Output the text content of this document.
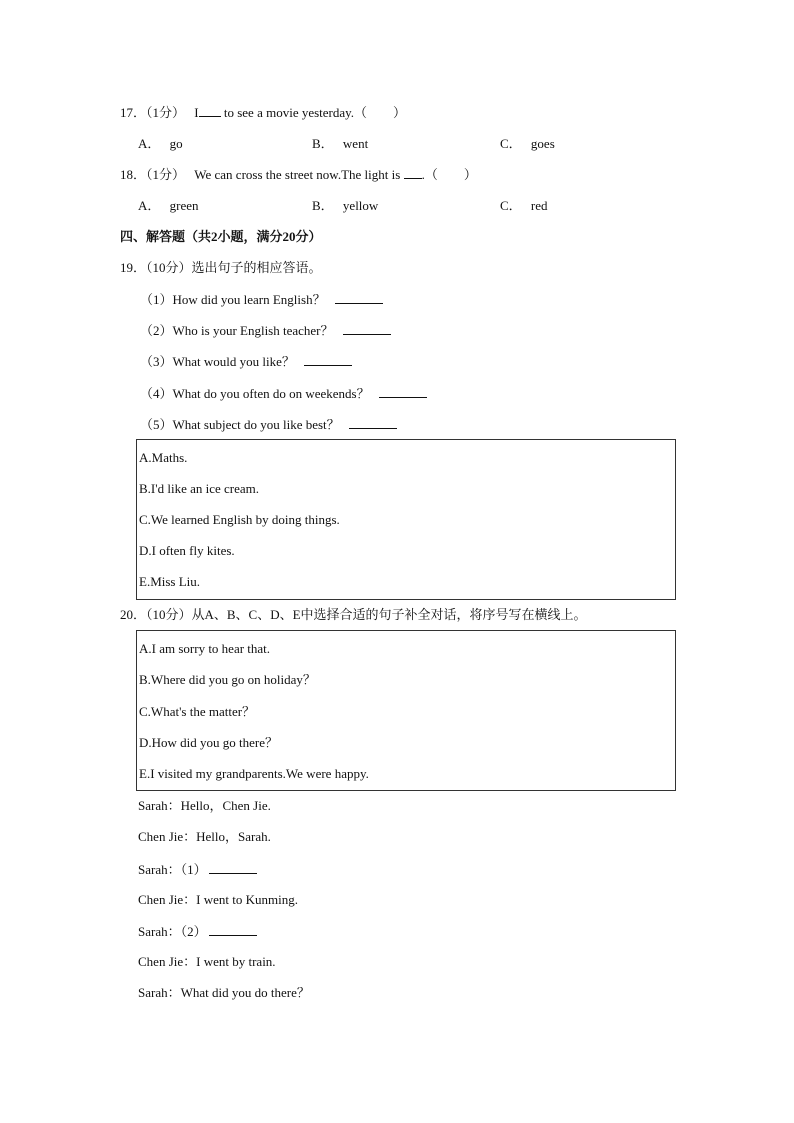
17．（1分） I to see a movie yesterday.（　　）
A． go	B． went	C． goes
18．（1分） We can cross the street now.The light is .（　　）
A． green	B． yellow	C． red
四、解答题（共2小题，满分20分）
19．（10分）选出句子的相应答语。
（1）How did you learn English？
（2）Who is your English teacher？
（3）What would you like？
（4）What do you often do on weekends？
（5）What subject do you like best？
A.Maths.
B.I'd like an ice cream.
C.We learned English by doing things.
D.I often fly kites.
E.Miss Liu.
20．（10分）从A、B、C、D、E中选择合适的句子补全对话，将序号写在横线上。
A.I am sorry to hear that.
B.Where did you go on holiday？
C.What's the matter？
D.How did you go there？
E.I visited my grandparents.We were happy.
Sarah：Hello，Chen Jie.
Chen Jie：Hello，Sarah.
Sarah：（1）
Chen Jie：I went to Kunming.
Sarah：（2）
Chen Jie：I went by train.
Sarah：What did you do there？
